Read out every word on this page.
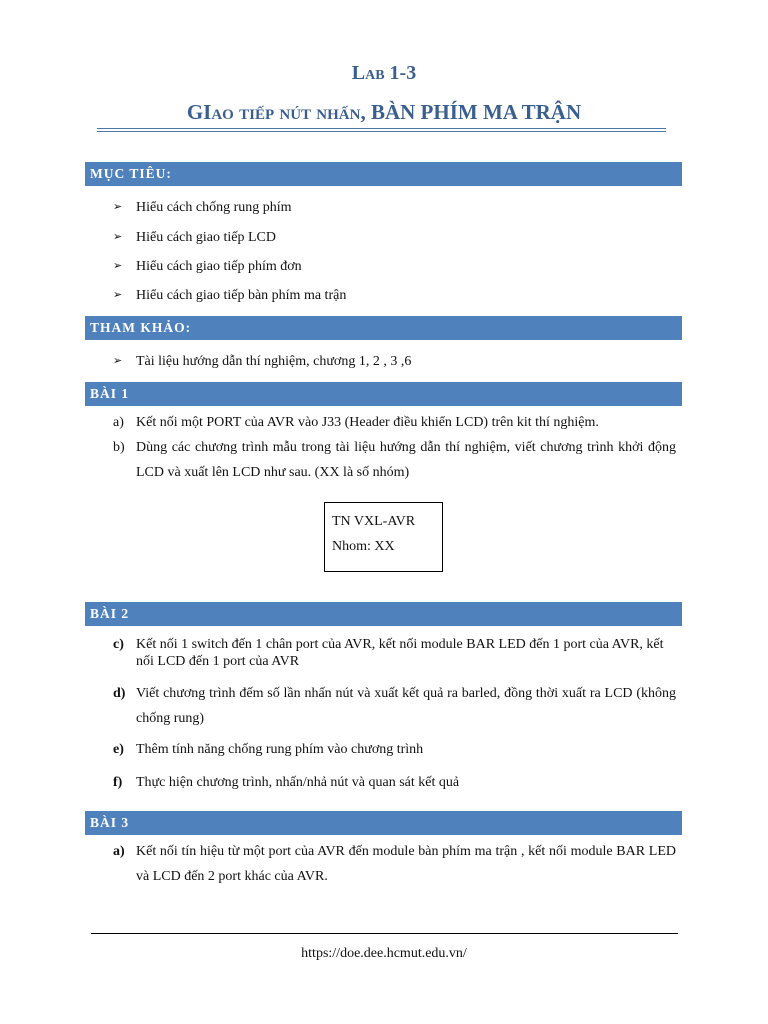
Lab 1-3
GIao tiếp nút nhấn, BÀN PHÍM MA TRẬN
MỤC TIÊU:
➢ Hiểu cách chống rung phím
➢ Hiểu cách giao tiếp LCD
➢ Hiểu cách giao tiếp phím đơn
➢ Hiểu cách giao tiếp bàn phím ma trận
THAM KHẢO:
➢ Tài liệu hướng dẫn thí nghiệm, chương 1, 2 , 3 ,6
BÀI 1
a) Kết nối một PORT của AVR vào J33 (Header điều khiển LCD) trên kit thí nghiệm.
b) Dùng các chương trình mẫu trong tài liệu hướng dẫn thí nghiệm, viết chương trình khởi động LCD và xuất lên LCD như sau. (XX là số nhóm)
TN VXL-AVR
Nhom: XX
BÀI 2
c) Kết nối 1 switch đến 1 chân port của AVR, kết nối module BAR LED đến 1 port của AVR, kết nối LCD đến 1 port của AVR
d) Viết chương trình đếm số lần nhấn nút và xuất kết quả ra barled, đồng thời xuất ra LCD (không chống rung)
e) Thêm tính năng chống rung phím vào chương trình
f) Thực hiện chương trình, nhấn/nhả nút và quan sát kết quả
BÀI 3
a) Kết nối tín hiệu từ một port của AVR đến module bàn phím ma trận , kết nối module BAR LED và LCD đến 2 port khác của AVR.
https://doe.dee.hcmut.edu.vn/
